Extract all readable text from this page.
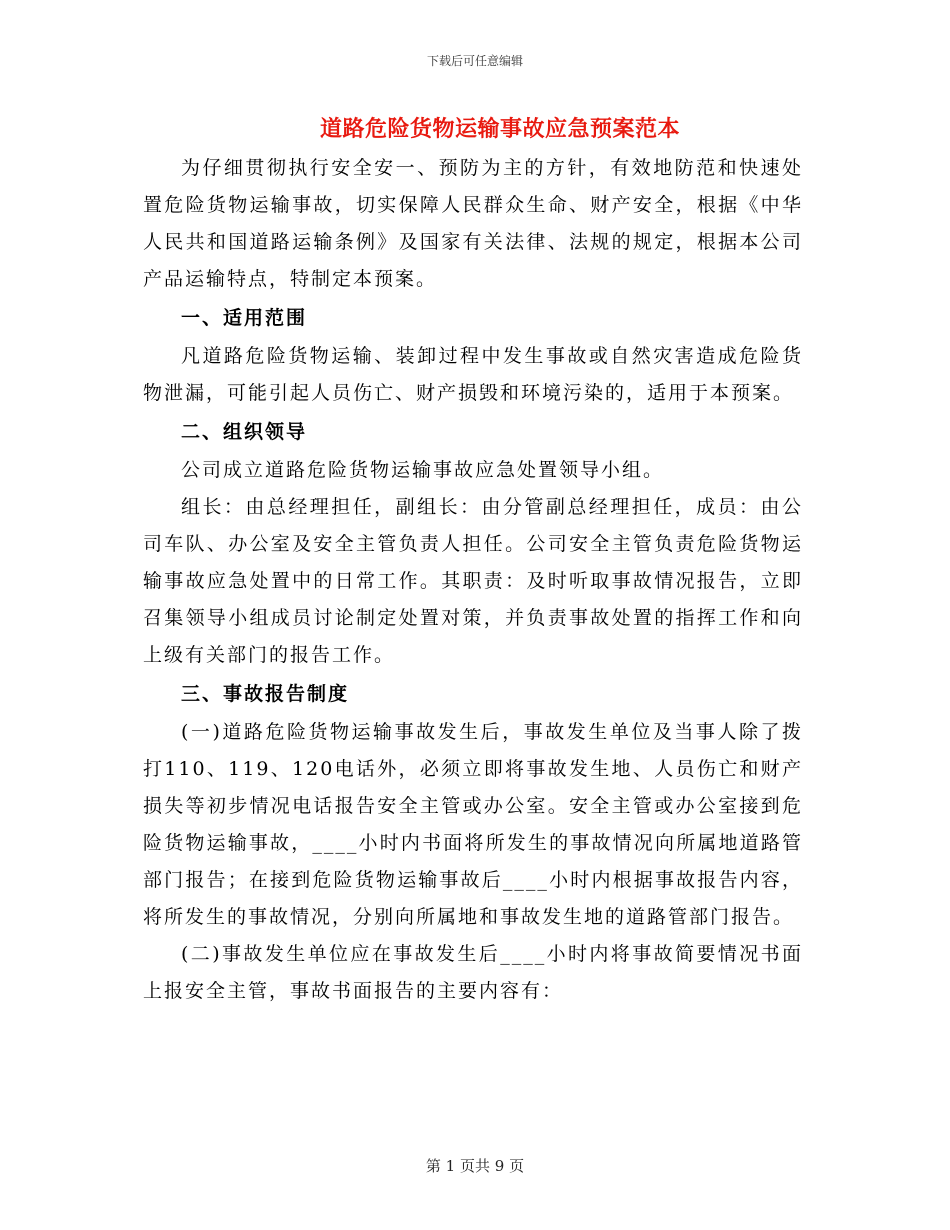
下载后可任意编辑
道路危险货物运输事故应急预案范本

为仔细贯彻执行安全安一、预防为主的方针，有效地防范和快速处置危险货物运输事故，切实保障人民群众生命、财产安全，根据《中华人民共和国道路运输条例》及国家有关法律、法规的规定，根据本公司产品运输特点，特制定本预案。

一、适用范围

凡道路危险货物运输、装卸过程中发生事故或自然灾害造成危险货物泄漏，可能引起人员伤亡、财产损毁和环境污染的，适用于本预案。

二、组织领导

公司成立道路危险货物运输事故应急处置领导小组。

组长：由总经理担任，副组长：由分管副总经理担任，成员：由公司车队、办公室及安全主管负责人担任。公司安全主管负责危险货物运输事故应急处置中的日常工作。其职责：及时听取事故情况报告，立即召集领导小组成员讨论制定处置对策，并负责事故处置的指挥工作和向上级有关部门的报告工作。

三、事故报告制度

(一)道路危险货物运输事故发生后，事故发生单位及当事人除了拨打110、119、120电话外，必须立即将事故发生地、人员伤亡和财产损失等初步情况电话报告安全主管或办公室。安全主管或办公室接到危险货物运输事故，____小时内书面将所发生的事故情况向所属地道路管部门报告；在接到危险货物运输事故后____小时内根据事故报告内容，将所发生的事故情况，分别向所属地和事故发生地的道路管部门报告。

(二)事故发生单位应在事故发生后____小时内将事故简要情况书面上报安全主管，事故书面报告的主要内容有：

第 1 页共 9 页
